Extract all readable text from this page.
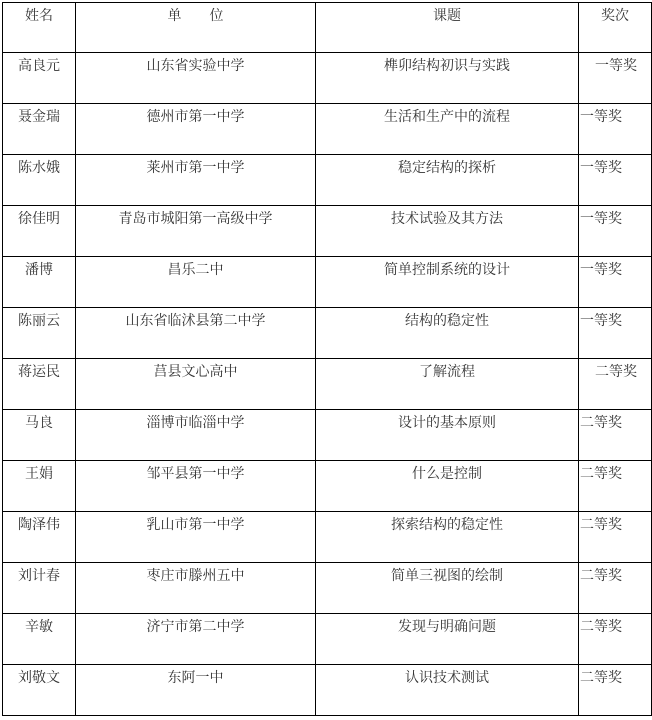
姓名	单位	课题	奖次

高良元	山东省实验中学	榫卯结构初识与实践	一等奖

聂金瑞	德州市第一中学	生活和生产中的流程	一等奖

陈水娥	莱州市第一中学	稳定结构的探析	一等奖

徐佳明	青岛市城阳第一高级中学	技术试验及其方法	一等奖

潘博	昌乐二中	简单控制系统的设计	一等奖

陈丽云	山东省临沭县第二中学	结构的稳定性	一等奖

蒋运民	莒县文心高中	了解流程	二等奖

马良	淄博市临淄中学	设计的基本原则	二等奖

王娟	邹平县第一中学	什么是控制	二等奖

陶泽伟	乳山市第一中学	探索结构的稳定性	二等奖

刘计春	枣庄市滕州五中	简单三视图的绘制	二等奖

辛敏	济宁市第二中学	发现与明确问题	二等奖

刘敬文	东阿一中	认识技术测试	二等奖
